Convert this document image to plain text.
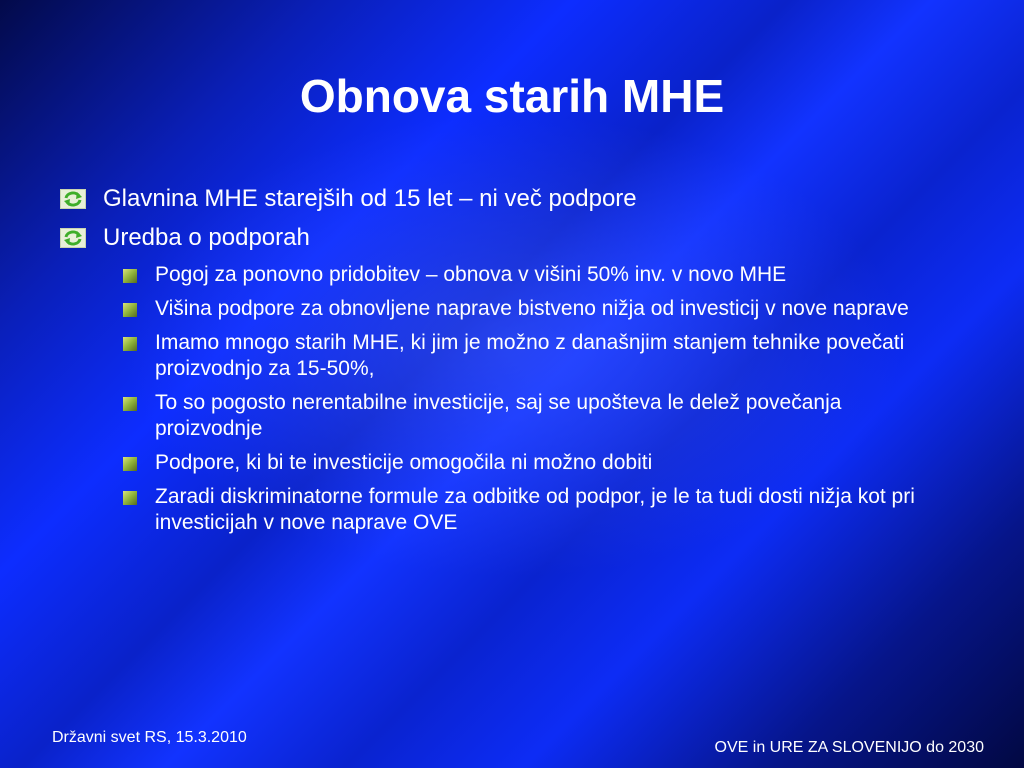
Obnova starih MHE
Glavnina MHE starejših od 15 let – ni več podpore
Uredba o podporah
Pogoj za ponovno pridobitev – obnova v višini 50% inv. v novo MHE
Višina podpore za obnovljene naprave bistveno nižja od investicij v nove naprave
Imamo mnogo starih MHE, ki jim je možno z današnjim stanjem tehnike povečati proizvodnjo za 15-50%,
To so pogosto nerentabilne investicije, saj se upošteva le delež povečanja proizvodnje
Podpore, ki bi te investicije omogočila ni možno dobiti
Zaradi diskriminatorne formule za odbitke od podpor, je le ta tudi dosti nižja kot pri investicijah v nove naprave OVE
Državni svet RS, 15.3.2010
OVE in URE ZA SLOVENIJO do 2030
